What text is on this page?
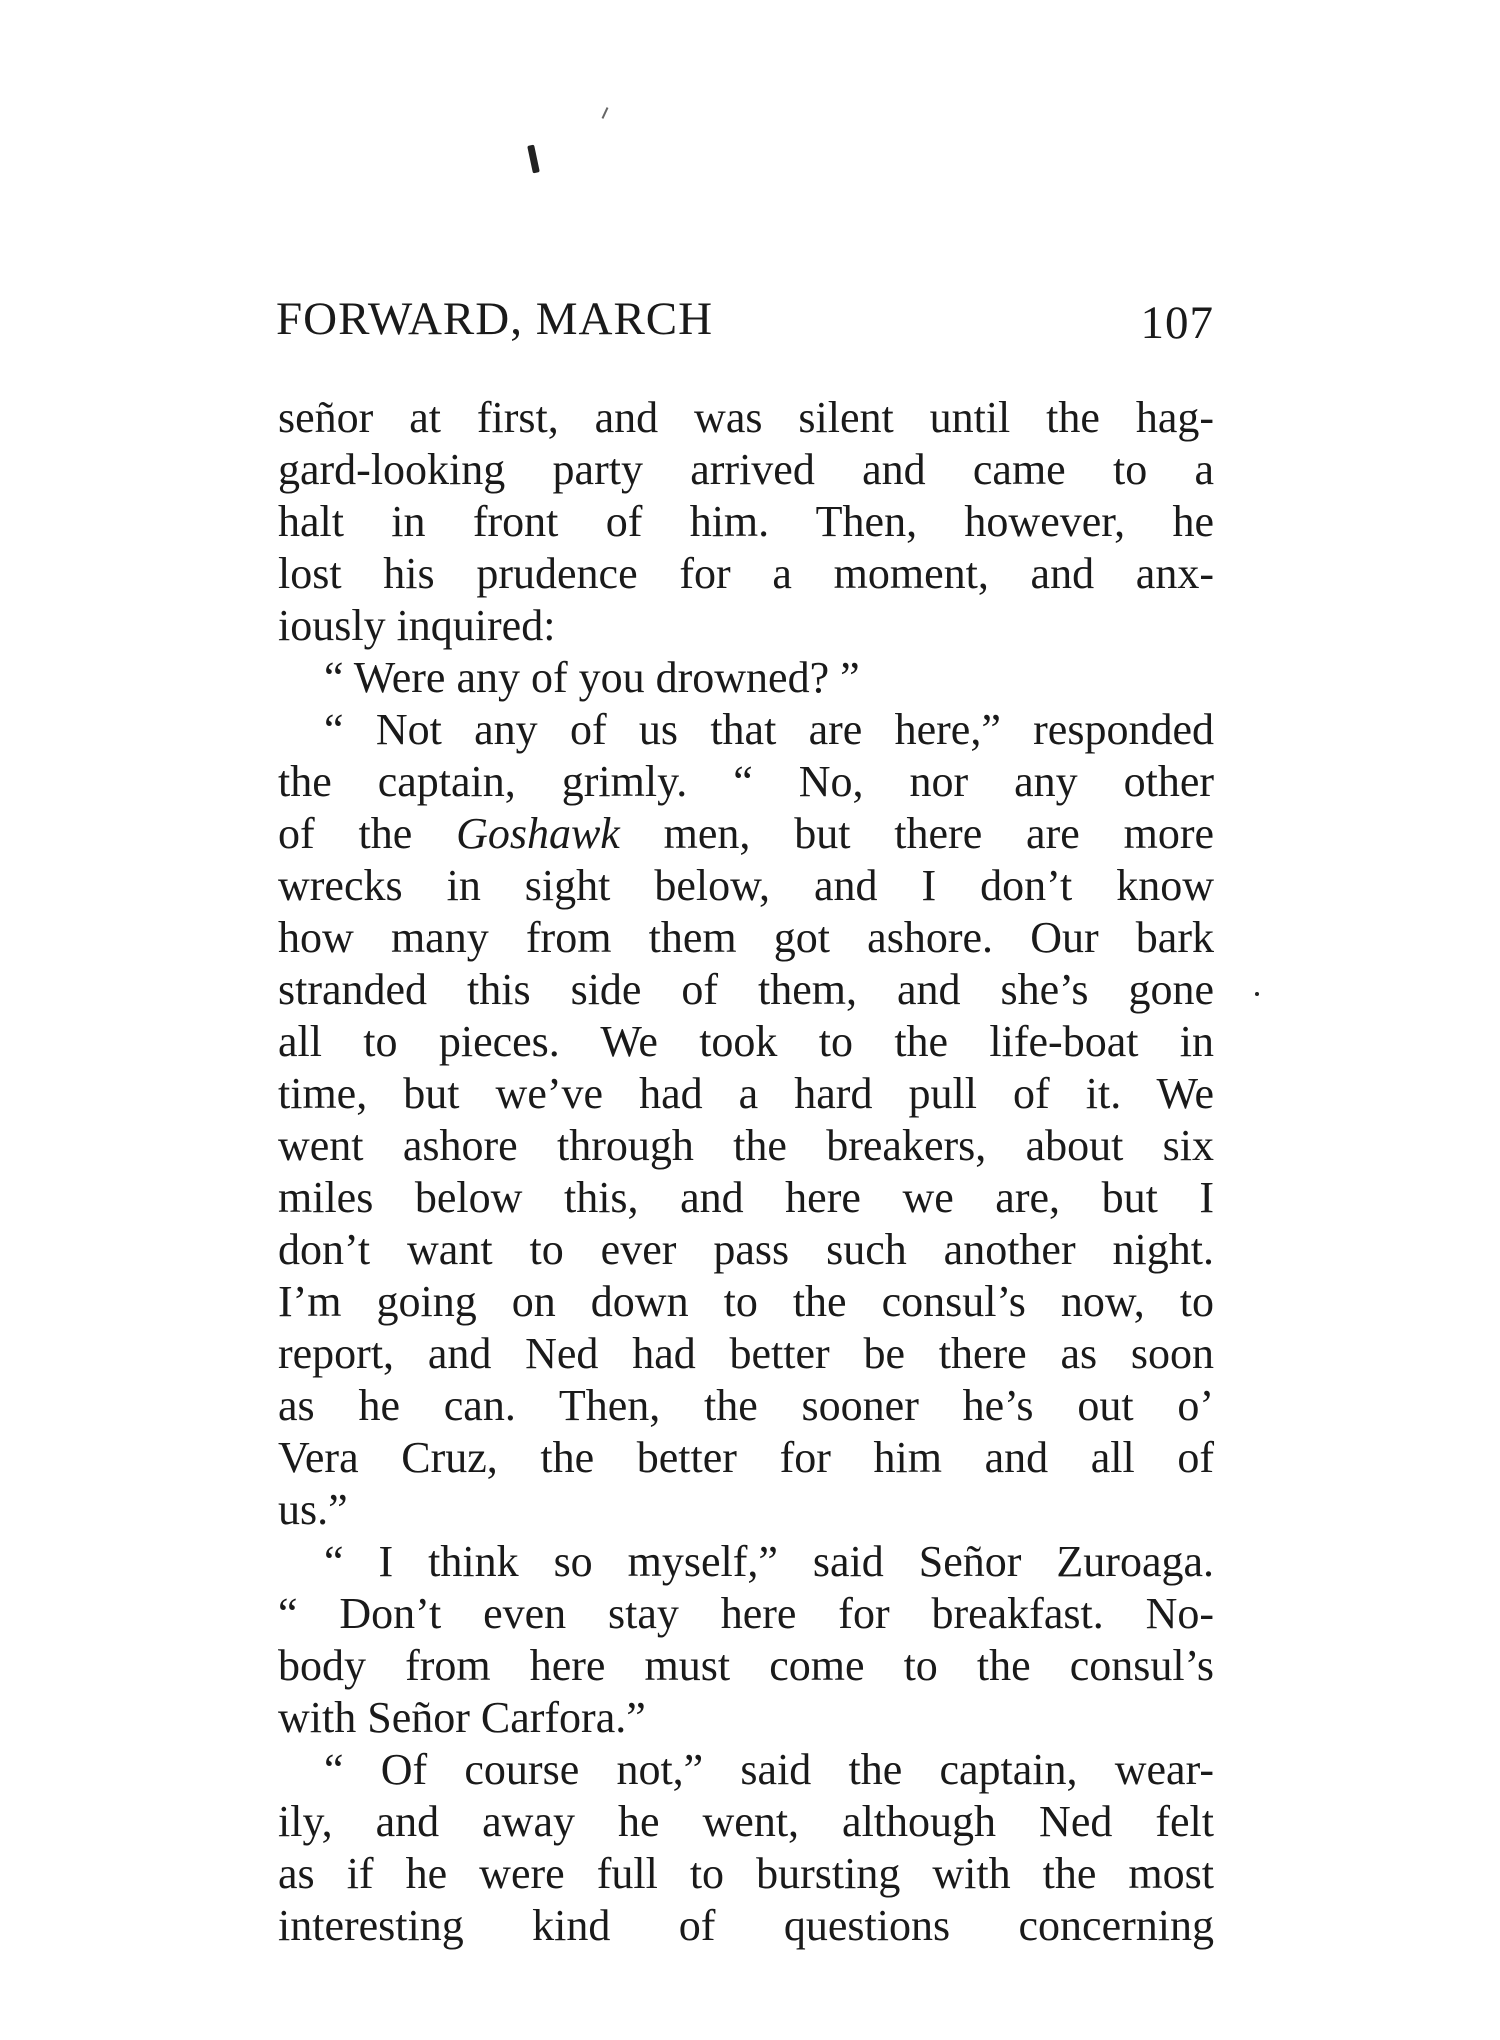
FORWARD, MARCH	107
señor at first, and was silent until the hag-
gard-looking party arrived and came to a
halt in front of him. Then, however, he
lost his prudence for a moment, and anx-
iously inquired:
“ Were any of you drowned? ”
“ Not any of us that are here,” responded
the captain, grimly. “ No, nor any other
of the Goshawk men, but there are more
wrecks in sight below, and I don’t know
how many from them got ashore. Our bark
stranded this side of them, and she’s gone
all to pieces. We took to the life-boat in
time, but we’ve had a hard pull of it. We
went ashore through the breakers, about six
miles below this, and here we are, but I
don’t want to ever pass such another night.
I’m going on down to the consul’s now, to
report, and Ned had better be there as soon
as he can. Then, the sooner he’s out o’
Vera Cruz, the better for him and all of
us.”
“ I think so myself,” said Señor Zuroaga.
“ Don’t even stay here for breakfast. No-
body from here must come to the consul’s
with Señor Carfora.”
“ Of course not,” said the captain, wear-
ily, and away he went, although Ned felt
as if he were full to bursting with the most
interesting kind of questions concerning
